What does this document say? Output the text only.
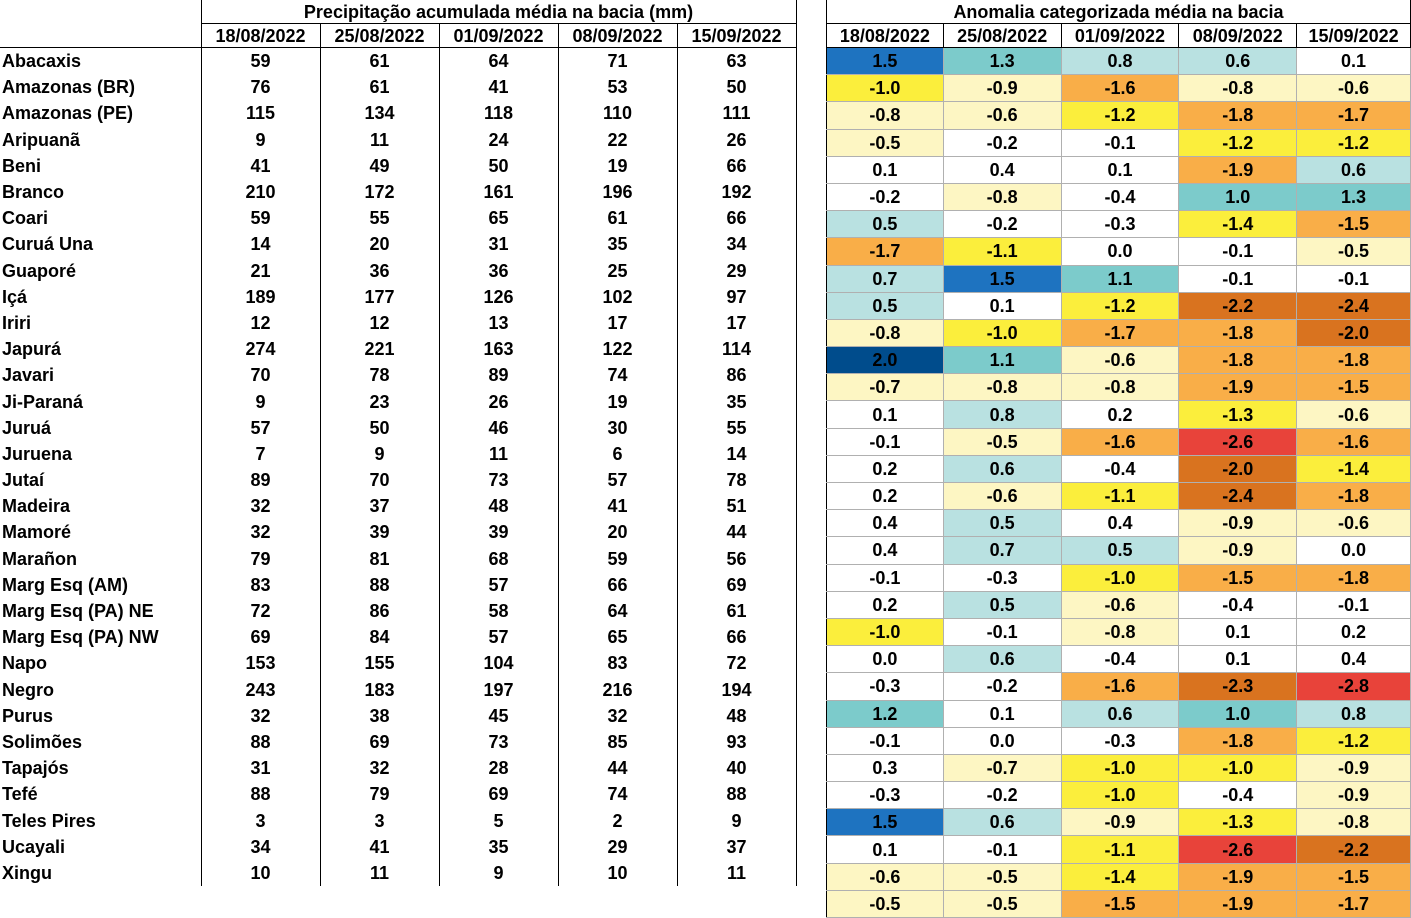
	Precipitação acumulada média na bacia (mm)				
	18/08/2022	25/08/2022	01/09/2022	08/09/2022	15/09/2022
Abacaxis	59	61	64	71	63
Amazonas (BR)	76	61	41	53	50
Amazonas (PE)	115	134	118	110	111
Aripuanã	9	11	24	22	26
Beni	41	49	50	19	66
Branco	210	172	161	196	192
Coari	59	55	65	61	66
Curuá Una	14	20	31	35	34
Guaporé	21	36	36	25	29
Içá	189	177	126	102	97
Iriri	12	12	13	17	17
Japurá	274	221	163	122	114
Javari	70	78	89	74	86
Ji-Paraná	9	23	26	19	35
Juruá	57	50	46	30	55
Juruena	7	9	11	6	14
Jutaí	89	70	73	57	78
Madeira	32	37	48	41	51
Mamoré	32	39	39	20	44
Marañon	79	81	68	59	56
Marg Esq (AM)	83	88	57	66	69
Marg Esq (PA) NE	72	86	58	64	61
Marg Esq (PA) NW	69	84	57	65	66
Napo	153	155	104	83	72
Negro	243	183	197	216	194
Purus	32	38	45	32	48
Solimões	88	69	73	85	93
Tapajós	31	32	28	44	40
Tefé	88	79	69	74	88
Teles Pires	3	3	5	2	9
Ucayali	34	41	35	29	37
Xingu	10	11	9	10	11
Anomalia categorizada média na bacia				
18/08/2022	25/08/2022	01/09/2022	08/09/2022	15/09/2022
1.5	1.3	0.8	0.6	0.1
-1.0	-0.9	-1.6	-0.8	-0.6
-0.8	-0.6	-1.2	-1.8	-1.7
-0.5	-0.2	-0.1	-1.2	-1.2
0.1	0.4	0.1	-1.9	0.6
-0.2	-0.8	-0.4	1.0	1.3
0.5	-0.2	-0.3	-1.4	-1.5
-1.7	-1.1	0.0	-0.1	-0.5
0.7	1.5	1.1	-0.1	-0.1
0.5	0.1	-1.2	-2.2	-2.4
-0.8	-1.0	-1.7	-1.8	-2.0
2.0	1.1	-0.6	-1.8	-1.8
-0.7	-0.8	-0.8	-1.9	-1.5
0.1	0.8	0.2	-1.3	-0.6
-0.1	-0.5	-1.6	-2.6	-1.6
0.2	0.6	-0.4	-2.0	-1.4
0.2	-0.6	-1.1	-2.4	-1.8
0.4	0.5	0.4	-0.9	-0.6
0.4	0.7	0.5	-0.9	0.0
-0.1	-0.3	-1.0	-1.5	-1.8
0.2	0.5	-0.6	-0.4	-0.1
-1.0	-0.1	-0.8	0.1	0.2
0.0	0.6	-0.4	0.1	0.4
-0.3	-0.2	-1.6	-2.3	-2.8
1.2	0.1	0.6	1.0	0.8
-0.1	0.0	-0.3	-1.8	-1.2
0.3	-0.7	-1.0	-1.0	-0.9
-0.3	-0.2	-1.0	-0.4	-0.9
1.5	0.6	-0.9	-1.3	-0.8
0.1	-0.1	-1.1	-2.6	-2.2
-0.6	-0.5	-1.4	-1.9	-1.5
-0.5	-0.5	-1.5	-1.9	-1.7
